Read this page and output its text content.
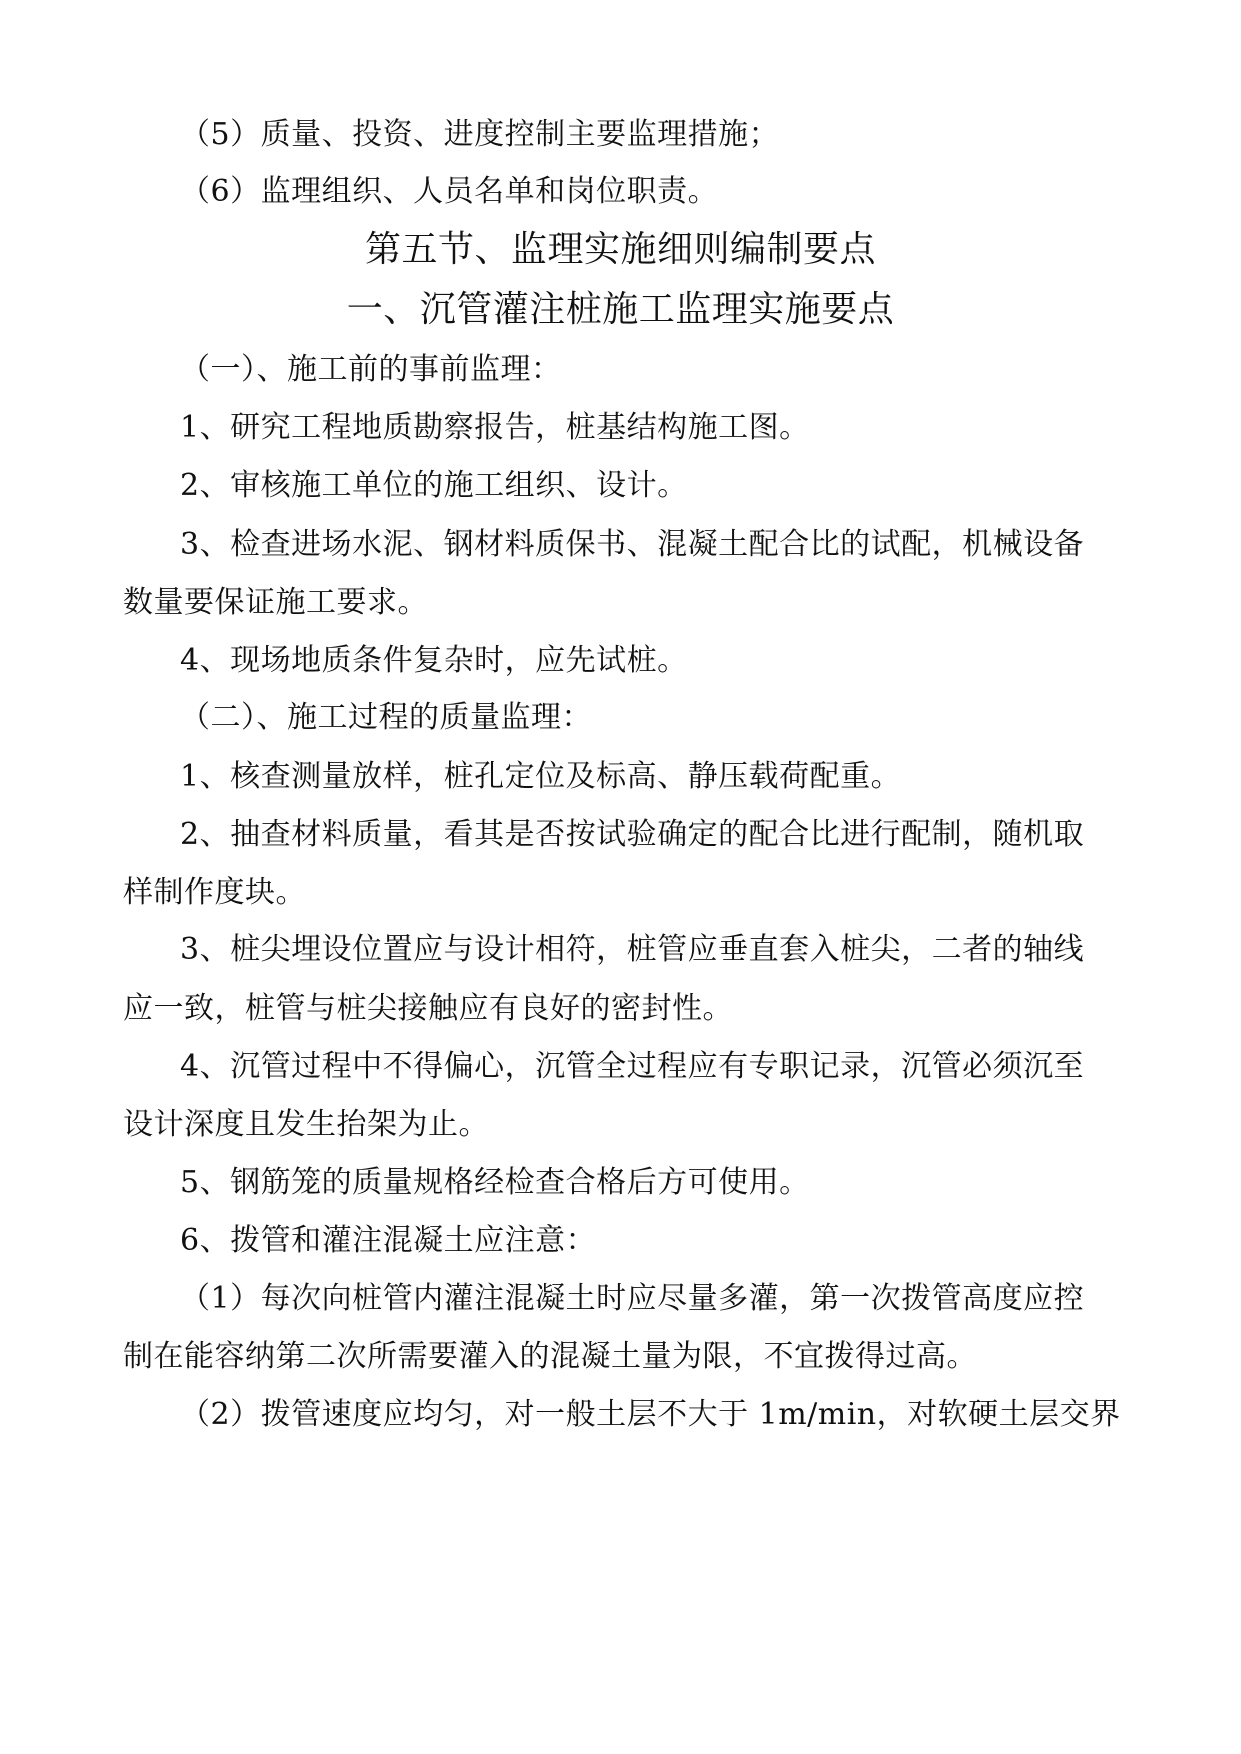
（5）质量、投资、进度控制主要监理措施；
（6）监理组织、人员名单和岗位职责。
第五节、监理实施细则编制要点
一、沉管灌注桩施工监理实施要点
（一）、施工前的事前监理：
1、研究工程地质勘察报告，桩基结构施工图。
2、审核施工单位的施工组织、设计。
3、检查进场水泥、钢材料质保书、混凝土配合比的试配，机械设备
数量要保证施工要求。
4、现场地质条件复杂时，应先试桩。
（二）、施工过程的质量监理：
1、核查测量放样，桩孔定位及标高、静压载荷配重。
2、抽查材料质量，看其是否按试验确定的配合比进行配制，随机取
样制作度块。
3、桩尖埋设位置应与设计相符，桩管应垂直套入桩尖，二者的轴线
应一致，桩管与桩尖接触应有良好的密封性。
4、沉管过程中不得偏心，沉管全过程应有专职记录，沉管必须沉至
设计深度且发生抬架为止。
5、钢筋笼的质量规格经检查合格后方可使用。
6、拨管和灌注混凝土应注意：
（1）每次向桩管内灌注混凝土时应尽量多灌，第一次拨管高度应控
制在能容纳第二次所需要灌入的混凝土量为限，不宜拨得过高。
（2）拨管速度应均匀，对一般土层不大于 1m/min，对软硬土层交界
